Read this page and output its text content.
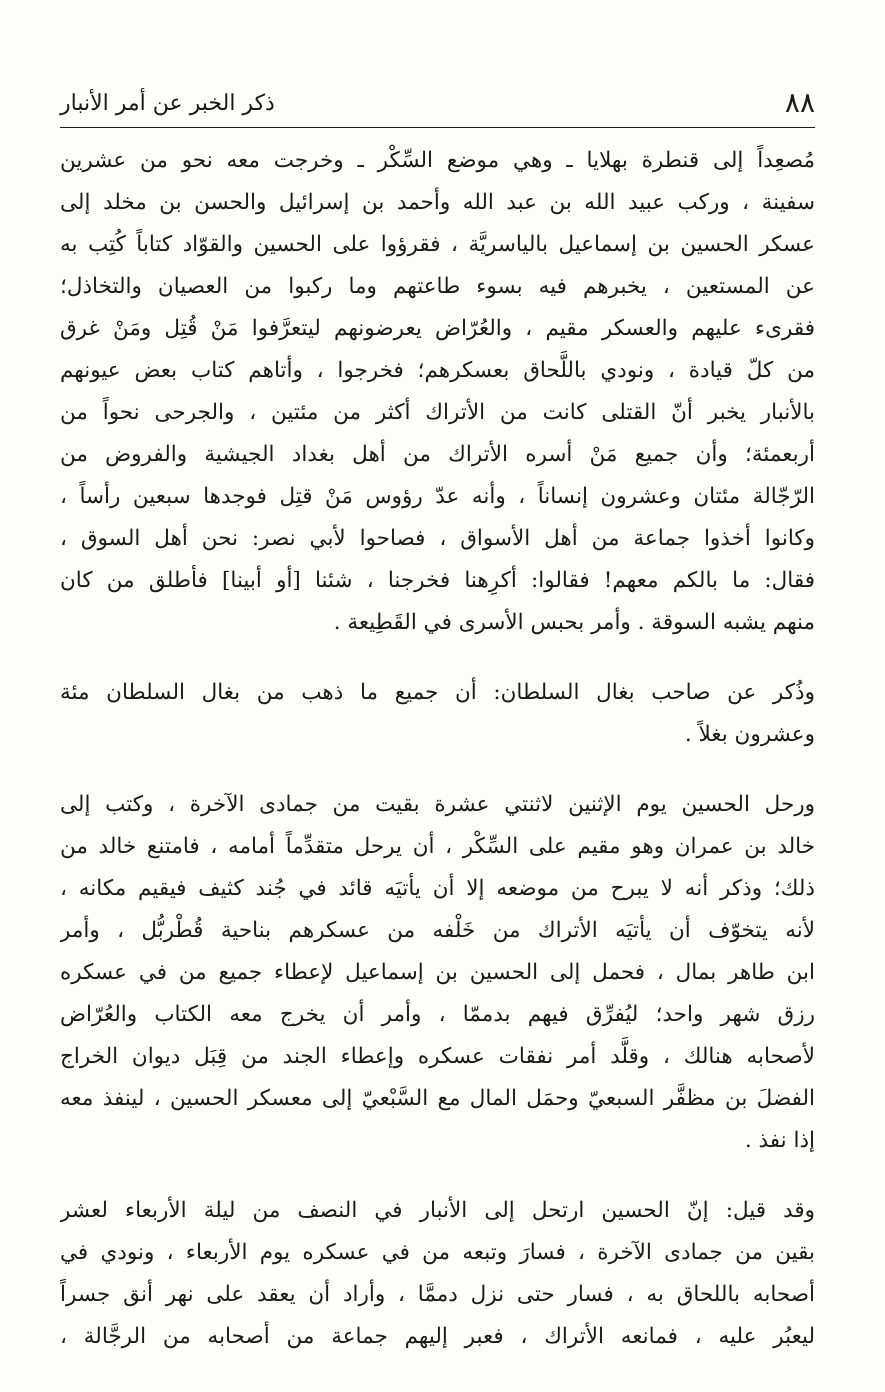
٨٨
ذكر الخبر عن أمر الأنبار
مُصعِداً إلى قنطرة بهلايا ـ وهي موضع السِّكْر ـ وخرجت معه نحو من عشرين
سفينة ، وركب عبيد الله بن عبد الله وأحمد بن إسرائيل والحسن بن مخلد إلى
عسكر الحسين بن إسماعيل بالياسريَّة ، فقرؤوا على الحسين والقوّاد كتاباً كُتِب به
عن المستعين ، يخبرهم فيه بسوء طاعتهم وما ركبوا من العصيان والتخاذل؛
فقرىء عليهم والعسكر مقيم ، والعُرّاض يعرضونهم ليتعرَّفوا مَنْ قُتِل ومَنْ غرق
من كلّ قيادة ، ونودي باللَّحاق بعسكرهم؛ فخرجوا ، وأتاهم كتاب بعض عيونهم
بالأنبار يخبر أنّ القتلى كانت من الأتراك أكثر من مئتين ، والجرحى نحواً من
أربعمئة؛ وأن جميع مَنْ أسره الأتراك من أهل بغداد الجيشية والفروض من
الرّجّالة مئتان وعشرون إنساناً ، وأنه عدّ رؤوس مَنْ قتِل فوجدها سبعين رأساً ،
وكانوا أخذوا جماعة من أهل الأسواق ، فصاحوا لأبي نصر: نحن أهل السوق ،
فقال: ما بالكم معهم! فقالوا: أكرِهنا فخرجنا ، شئنا [أو أبينا] فأطلق من كان
منهم يشبه السوقة . وأمر بحبس الأسرى في القَطِيعة .
وذُكر عن صاحب بغال السلطان: أن جميع ما ذهب من بغال السلطان مئة
وعشرون بغلاً .
ورحل الحسين يوم الإثنين لاثنتي عشرة بقيت من جمادى الآخرة ، وكتب إلى
خالد بن عمران وهو مقيم على السِّكْر ، أن يرحل متقدِّماً أمامه ، فامتنع خالد من
ذلك؛ وذكر أنه لا يبرح من موضعه إلا أن يأتيَه قائد في جُند كثيف فيقيم مكانه ،
لأنه يتخوّف أن يأتيَه الأتراك من خَلْفه من عسكرهم بناحية قُطْربُّل ، وأمر
ابن طاهر بمال ، فحمل إلى الحسين بن إسماعيل لإعطاء جميع من في عسكره
رزق شهر واحد؛ ليُفرِّق فيهم بدممّا ، وأمر أن يخرج معه الكتاب والعُرّاض
لأصحابه هنالك ، وقلَّد أمر نفقات عسكره وإعطاء الجند من قِبَل ديوان الخراج
الفضلَ بن مظفَّر السبعيّ وحمَل المال مع السَّبْعيّ إلى معسكر الحسين ، لينفذ معه
إذا نفذ .
وقد قيل: إنّ الحسين ارتحل إلى الأنبار في النصف من ليلة الأربعاء لعشر
بقين من جمادى الآخرة ، فسارَ وتبعه من في عسكره يوم الأربعاء ، ونودي في
أصحابه باللحاق به ، فسار حتى نزل دممَّا ، وأراد أن يعقد على نهر أنق جسراً
ليعبُر عليه ، فمانعه الأتراك ، فعبر إليهم جماعة من أصحابه من الرجَّالة ،
